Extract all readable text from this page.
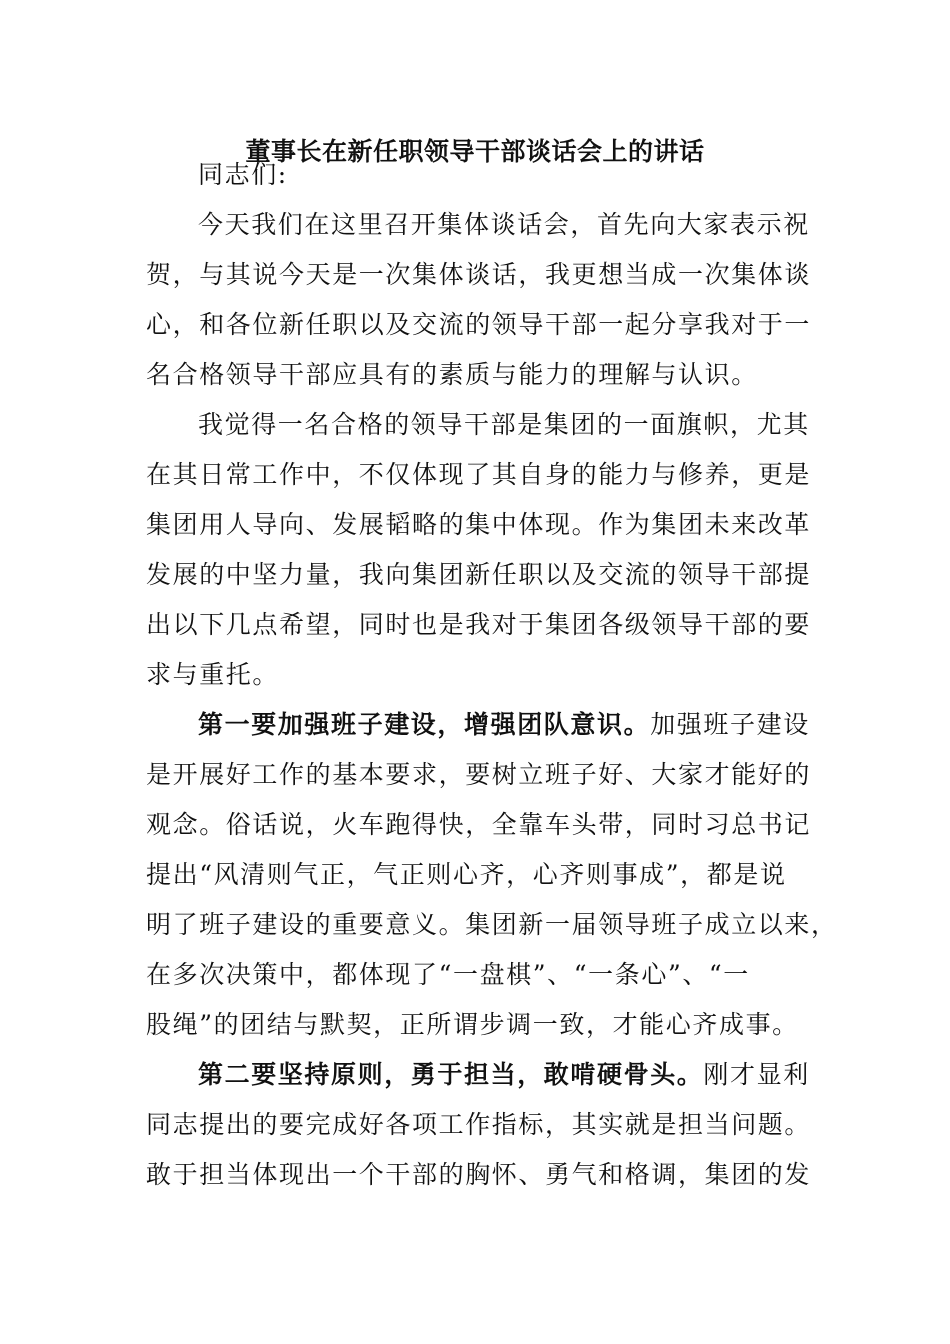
董事长在新任职领导干部谈话会上的讲话
同志们:
今天我们在这里召开集体谈话会，首先向大家表示祝
贺，与其说今天是一次集体谈话，我更想当成一次集体谈
心，和各位新任职以及交流的领导干部一起分享我对于一
名合格领导干部应具有的素质与能力的理解与认识。
我觉得一名合格的领导干部是集团的一面旗帜，尤其
在其日常工作中，不仅体现了其自身的能力与修养，更是
集团用人导向、发展韬略的集中体现。作为集团未来改革
发展的中坚力量，我向集团新任职以及交流的领导干部提
出以下几点希望，同时也是我对于集团各级领导干部的要
求与重托。
第一要加强班子建设，增强团队意识。加强班子建设
是开展好工作的基本要求，要树立班子好、大家才能好的
观念。俗话说，火车跑得快，全靠车头带，同时习总书记
提出“风清则气正，气正则心齐，心齐则事成”，都是说
明了班子建设的重要意义。集团新一届领导班子成立以来，
在多次决策中，都体现了“一盘棋”、“一条心”、“一
股绳”的团结与默契，正所谓步调一致，才能心齐成事。
第二要坚持原则，勇于担当，敢啃硬骨头。刚才显利
同志提出的要完成好各项工作指标，其实就是担当问题。
敢于担当体现出一个干部的胸怀、勇气和格调，集团的发
